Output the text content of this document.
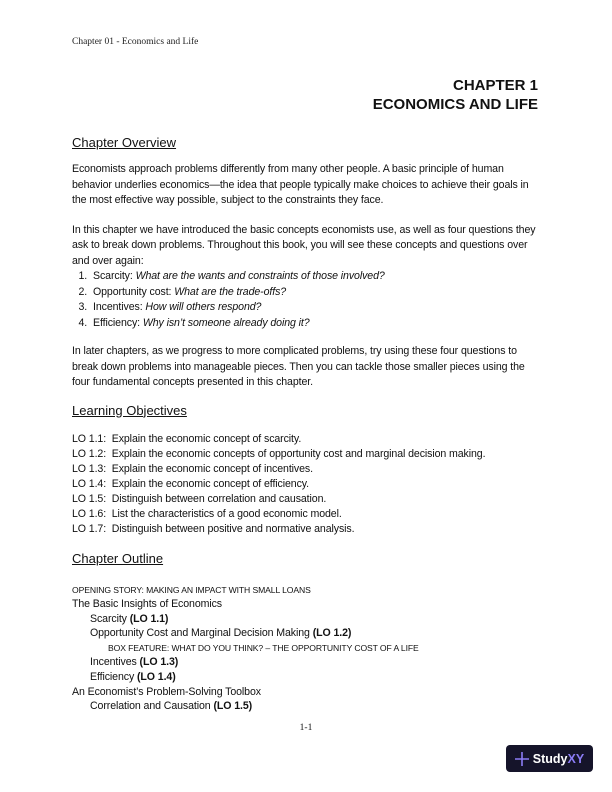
Chapter 01 - Economics and Life
CHAPTER 1
ECONOMICS AND LIFE
Chapter Overview

Economists approach problems differently from many other people. A basic principle of human behavior underlies economics—the idea that people typically make choices to achieve their goals in the most effective way possible, subject to the constraints they face.

In this chapter we have introduced the basic concepts economists use, as well as four questions they ask to break down problems. Throughout this book, you will see these concepts and questions over and over again:

1. Scarcity: What are the wants and constraints of those involved?
2. Opportunity cost: What are the trade-offs?
3. Incentives: How will others respond?
4. Efficiency: Why isn’t someone already doing it?

In later chapters, as we progress to more complicated problems, try using these four questions to break down problems into manageable pieces. Then you can tackle those smaller pieces using the four fundamental concepts presented in this chapter.

Learning Objectives
LO 1.1:  Explain the economic concept of scarcity.
LO 1.2:  Explain the economic concepts of opportunity cost and marginal decision making.
LO 1.3:  Explain the economic concept of incentives.
LO 1.4:  Explain the economic concept of efficiency.
LO 1.5:  Distinguish between correlation and causation.
LO 1.6:  List the characteristics of a good economic model.
LO 1.7:  Distinguish between positive and normative analysis.
Chapter Outline
OPENING STORY: MAKING AN IMPACT WITH SMALL LOANS
The Basic Insights of Economics
Scarcity (LO 1.1)
Opportunity Cost and Marginal Decision Making (LO 1.2)
BOX FEATURE: WHAT DO YOU THINK? – THE OPPORTUNITY COST OF A LIFE
Incentives (LO 1.3)
Efficiency (LO 1.4)
An Economist’s Problem-Solving Toolbox
Correlation and Causation (LO 1.5)
1-1
StudyXY
